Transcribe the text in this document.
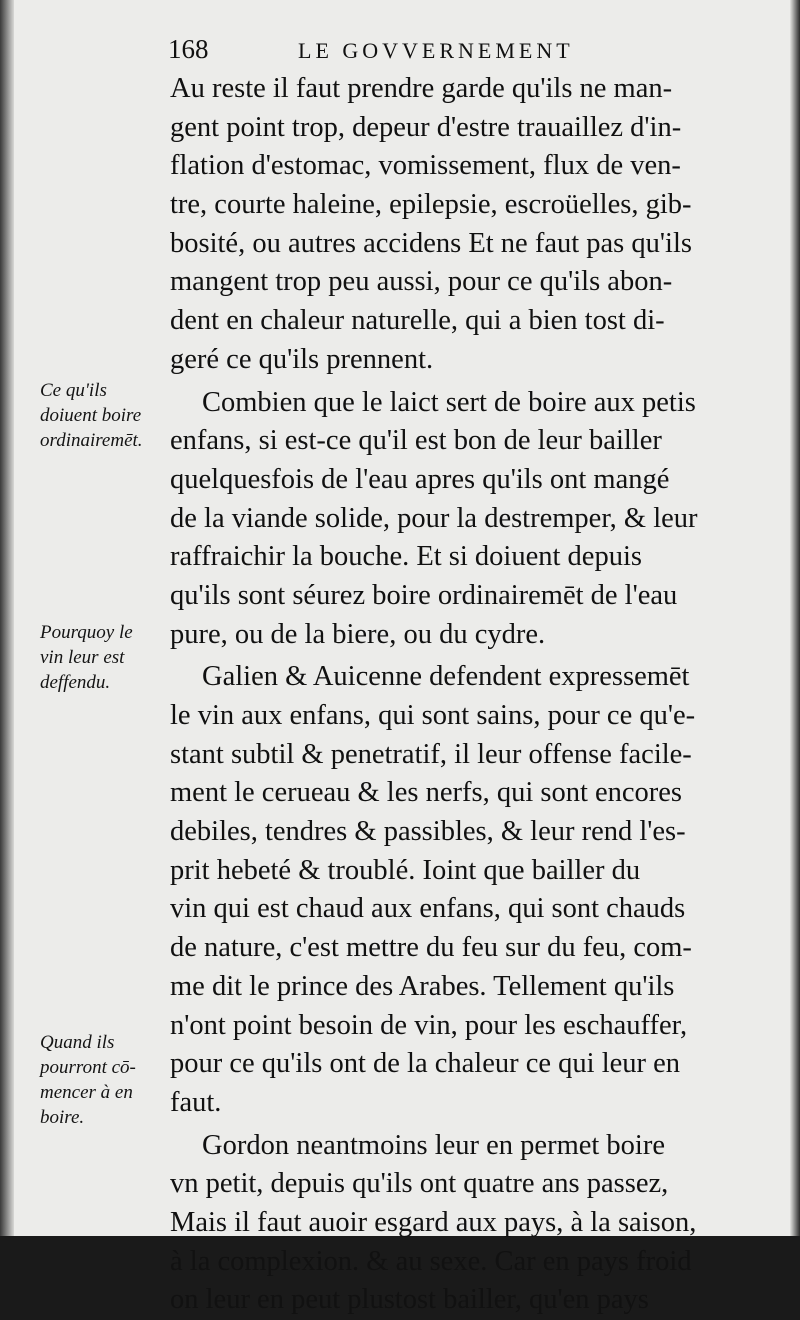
168	LE GOVVERNEMENT
Au reste il faut prendre garde qu'ils ne man-
gent point trop, depeur d'estre trauaillez d'in-
flation d'estomac, vomissement, flux de ven-
tre, courte haleine, epilepsie, escroüelles, gib-
bosité, ou autres accidens Et ne faut pas qu'ils
mangent trop peu aussi, pour ce qu'ils abon-
dent en chaleur naturelle, qui a bien tost di-
geré ce qu'ils prennent.
Combien que le laict sert de boire aux petis
enfans, si est-ce qu'il est bon de leur bailler
quelquesfois de l'eau apres qu'ils ont mangé
de la viande solide, pour la destremper, & leur
raffraichir la bouche. Et si doiuent depuis
qu'ils sont séurez boire ordinairemēt de l'eau
pure, ou de la biere, ou du cydre.
Galien & Auicenne defendent expressemēt
le vin aux enfans, qui sont sains, pour ce qu'e-
stant subtil & penetratif, il leur offense facile-
ment le cerueau & les nerfs, qui sont encores
debiles, tendres & passibles, & leur rend l'es-
prit hebeté & troublé. Ioint que bailler du
vin qui est chaud aux enfans, qui sont chauds
de nature, c'est mettre du feu sur du feu, com-
me dit le prince des Arabes. Tellement qu'ils
n'ont point besoin de vin, pour les eschauffer,
pour ce qu'ils ont de la chaleur ce qui leur en
faut.
Gordon neantmoins leur en permet boire
vn petit, depuis qu'ils ont quatre ans passez,
Mais il faut auoir esgard aux pays, à la saison,
à la complexion. & au sexe. Car en pays froid
on leur en peut plustost bailler, qu'en pays
Ce qu'ils
doiuent boire
ordinairemēt.
Pourquoy le
vin leur est
deffendu.
Quand ils
pourront cō-
mencer à en
boire.
